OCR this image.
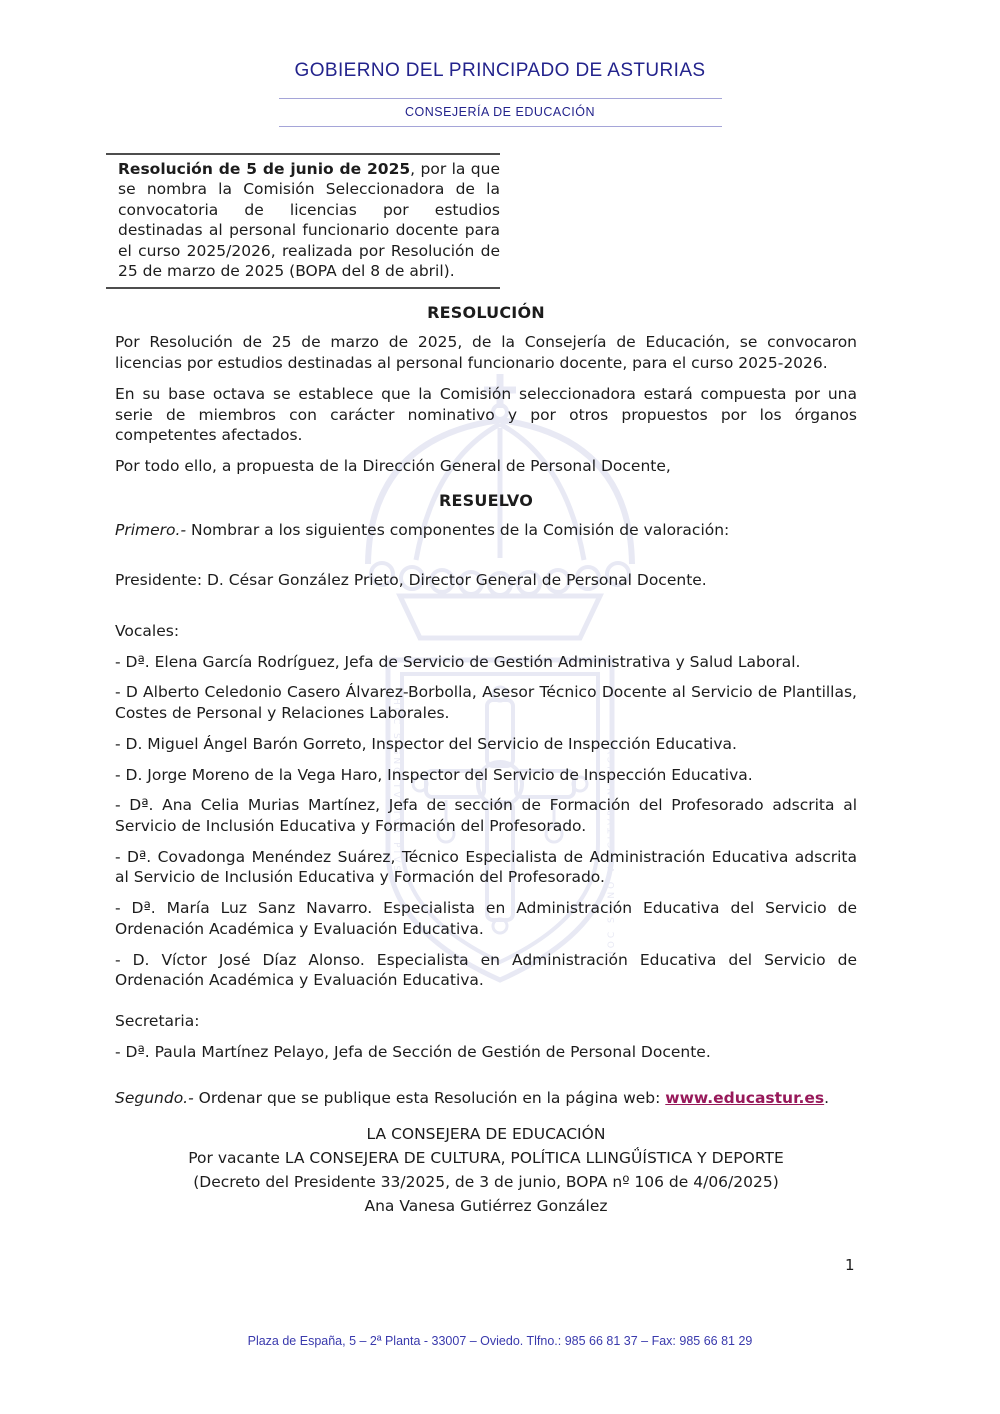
HOC SIGNO TVETVR PIVS	HOC SIGNO VINCITVR INIMICVS
GOBIERNO DEL PRINCIPADO DE ASTURIAS
CONSEJERÍA DE EDUCACIÓN
Resolución de 5 de junio de 2025, por la que se nombra la Comisión Seleccionadora de la convocatoria de licencias por estudios destinadas al personal funcionario docente para el curso 2025/2026, realizada por Resolución de 25 de marzo de 2025 (BOPA del 8 de abril).
RESOLUCIÓN

Por Resolución de 25 de marzo de 2025, de la Consejería de Educación, se convocaron licencias por estudios destinadas al personal funcionario docente, para el curso 2025-2026.

En su base octava se establece que la Comisión seleccionadora estará compuesta por una serie de miembros con carácter nominativo y por otros propuestos por los órganos competentes afectados.

Por todo ello, a propuesta de la Dirección General de Personal Docente,

RESUELVO

Primero.- Nombrar a los siguientes componentes de la Comisión de valoración:

Presidente: D. César González Prieto, Director General de Personal Docente.

Vocales:

- Dª. Elena García Rodríguez, Jefa de Servicio de Gestión Administrativa y Salud Laboral.

- D Alberto Celedonio Casero Álvarez-Borbolla, Asesor Técnico Docente al Servicio de Plantillas, Costes de Personal y Relaciones Laborales.

- D. Miguel Ángel Barón Gorreto, Inspector del Servicio de Inspección Educativa.

- D. Jorge Moreno de la Vega Haro, Inspector del Servicio de Inspección Educativa.

- Dª. Ana Celia Murias Martínez, Jefa de sección de Formación del Profesorado adscrita al Servicio de Inclusión Educativa y Formación del Profesorado.

- Dª. Covadonga Menéndez Suárez, Técnico Especialista de Administración Educativa adscrita al Servicio de Inclusión Educativa y Formación del Profesorado.

- Dª. María Luz Sanz Navarro. Especialista en Administración Educativa del Servicio de Ordenación Académica y Evaluación Educativa.

- D. Víctor José Díaz Alonso. Especialista en Administración Educativa del Servicio de Ordenación Académica y Evaluación Educativa.

Secretaria:

- Dª. Paula Martínez Pelayo, Jefa de Sección de Gestión de Personal Docente.

Segundo.- Ordenar que se publique esta Resolución en la página web: www.educastur.es.

LA CONSEJERA DE EDUCACIÓN

Por vacante LA CONSEJERA DE CULTURA, POLÍTICA LLINGǗÍSTICA Y DEPORTE

(Decreto del Presidente 33/2025, de 3 de junio, BOPA nº 106 de 4/06/2025)

Ana Vanesa Gutiérrez González

1
Plaza de España, 5 – 2ª Planta - 33007 – Oviedo. Tlfno.: 985 66 81 37 – Fax: 985 66 81 29
